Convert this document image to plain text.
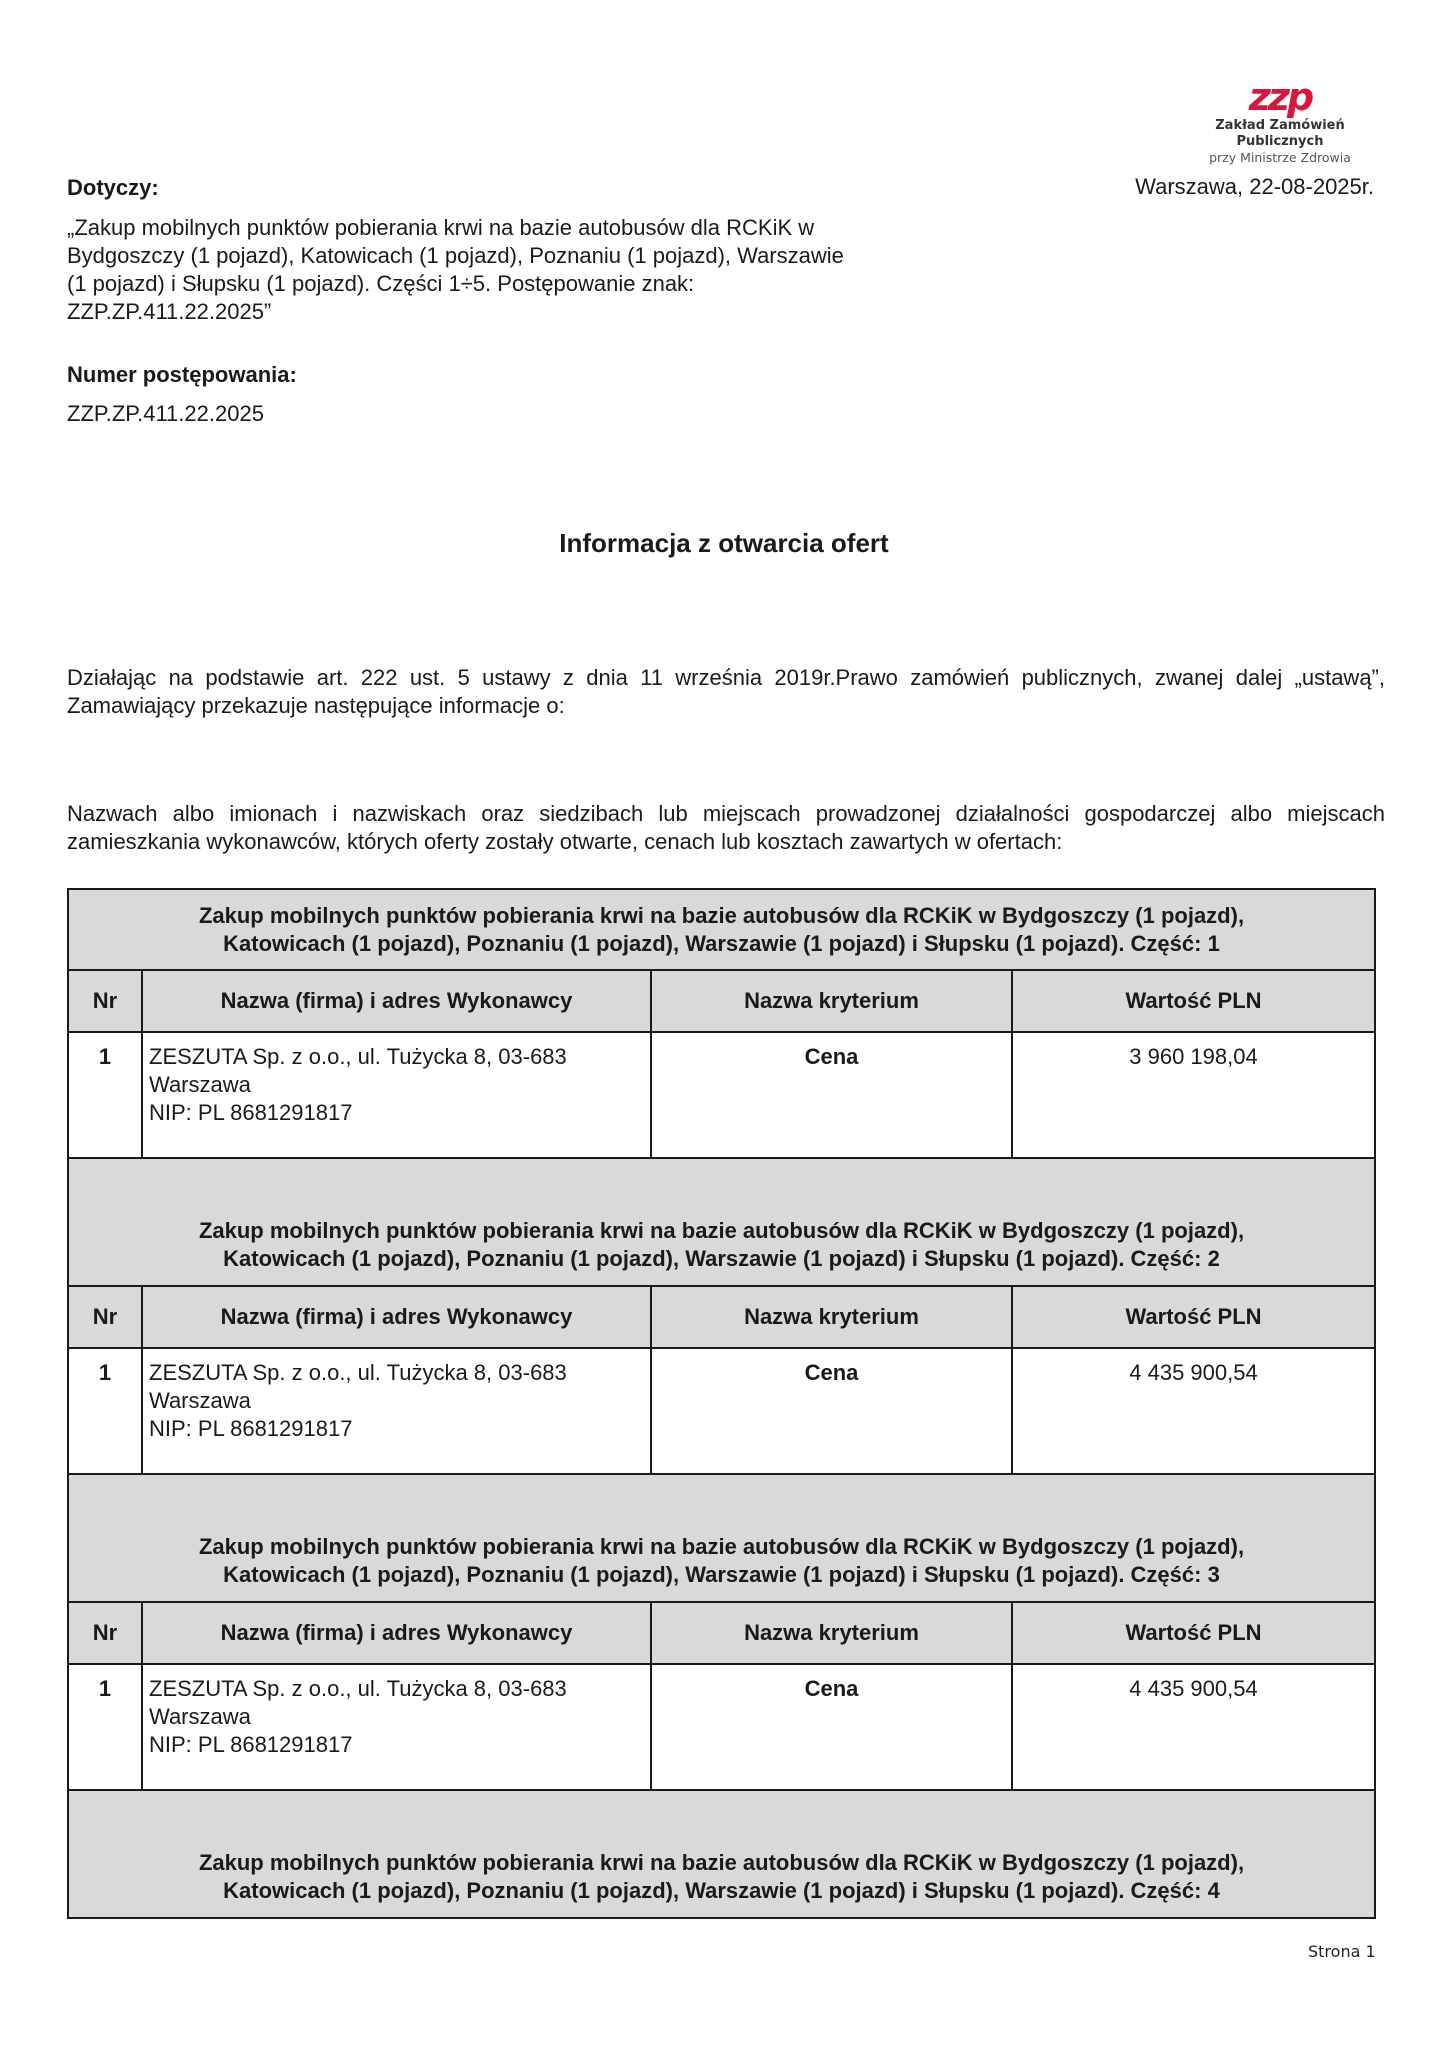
zzp
Zakład Zamówień Publicznych
przy Ministrze Zdrowia
Warszawa, 22-08-2025r.
Dotyczy:
„Zakup mobilnych punktów pobierania krwi na bazie autobusów dla RCKiK w Bydgoszczy (1 pojazd), Katowicach (1 pojazd), Poznaniu (1 pojazd), Warszawie (1 pojazd) i Słupsku (1 pojazd). Części 1÷5. Postępowanie znak: ZZP.ZP.411.22.2025”
Numer postępowania:
ZZP.ZP.411.22.2025
Informacja z otwarcia ofert
Działając na podstawie art. 222 ust. 5 ustawy z dnia 11 września 2019r.Prawo zamówień publicznych, zwanej dalej „ustawą”, Zamawiający przekazuje następujące informacje o:
Nazwach albo imionach i nazwiskach oraz siedzibach lub miejscach prowadzonej działalności gospodarczej albo miejscach zamieszkania wykonawców, których oferty zostały otwarte, cenach lub kosztach zawartych w ofertach:
Zakup mobilnych punktów pobierania krwi na bazie autobusów dla RCKiK w Bydgoszczy (1 pojazd),
Katowicach (1 pojazd), Poznaniu (1 pojazd), Warszawie (1 pojazd) i Słupsku (1 pojazd). Część: 1			

Nr	Nazwa (firma) i adres Wykonawcy	Nazwa kryterium	Wartość PLN
1	ZESZUTA Sp. z o.o., ul. Tużycka 8, 03-683
Warszawa
NIP: PL 8681291817	Cena	3 960 198,04

Zakup mobilnych punktów pobierania krwi na bazie autobusów dla RCKiK w Bydgoszczy (1 pojazd),
Katowicach (1 pojazd), Poznaniu (1 pojazd), Warszawie (1 pojazd) i Słupsku (1 pojazd). Część: 2			

Nr	Nazwa (firma) i adres Wykonawcy	Nazwa kryterium	Wartość PLN
1	ZESZUTA Sp. z o.o., ul. Tużycka 8, 03-683
Warszawa
NIP: PL 8681291817	Cena	4 435 900,54

Zakup mobilnych punktów pobierania krwi na bazie autobusów dla RCKiK w Bydgoszczy (1 pojazd),
Katowicach (1 pojazd), Poznaniu (1 pojazd), Warszawie (1 pojazd) i Słupsku (1 pojazd). Część: 3			

Nr	Nazwa (firma) i adres Wykonawcy	Nazwa kryterium	Wartość PLN
1	ZESZUTA Sp. z o.o., ul. Tużycka 8, 03-683
Warszawa
NIP: PL 8681291817	Cena	4 435 900,54

Zakup mobilnych punktów pobierania krwi na bazie autobusów dla RCKiK w Bydgoszczy (1 pojazd),
Katowicach (1 pojazd), Poznaniu (1 pojazd), Warszawie (1 pojazd) i Słupsku (1 pojazd). Część: 4			
Strona 1
